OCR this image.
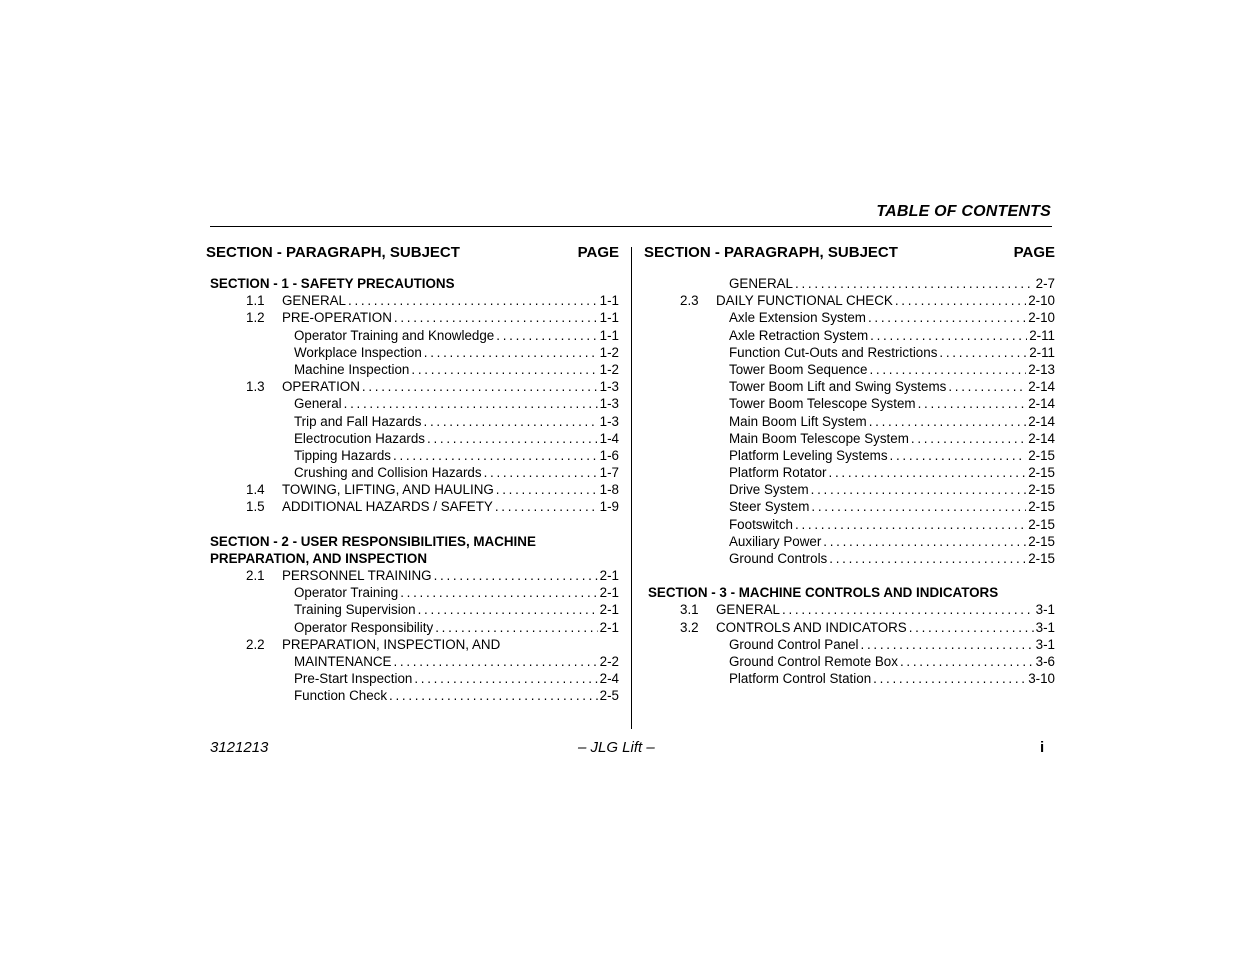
TABLE OF CONTENTS
SECTION - PARAGRAPH, SUBJECT	PAGE
SECTION - 1 - SAFETY PRECAUTIONS
1.1	GENERAL . . .	1-1
1.2	PRE-OPERATION . . .	1-1
Operator Training and Knowledge . . .	1-1
Workplace Inspection . . .	1-2
Machine Inspection . . .	1-2
1.3	OPERATION . . .	1-3
General . . .	1-3
Trip and Fall Hazards . . .	1-3
Electrocution Hazards . . .	1-4
Tipping Hazards . . .	1-6
Crushing and Collision Hazards . . .	1-7
1.4	TOWING, LIFTING, AND HAULING . . .	1-8
1.5	ADDITIONAL HAZARDS / SAFETY . . .	1-9
SECTION - 2 - USER RESPONSIBILITIES, MACHINE
PREPARATION, AND INSPECTION
2.1	PERSONNEL TRAINING . . .	2-1
Operator Training . . .	2-1
Training Supervision . . .	2-1
Operator Responsibility . . .	2-1
2.2	PREPARATION, INSPECTION, AND
MAINTENANCE . . .	2-2
Pre-Start Inspection . . .	2-4
Function Check . . .	2-5
SECTION - PARAGRAPH, SUBJECT	PAGE
GENERAL . . .	2-7
2.3	DAILY FUNCTIONAL CHECK . . .	2-10
Axle Extension System . . .	2-10
Axle Retraction System . . .	2-11
Function Cut-Outs and Restrictions . . .	2-11
Tower Boom Sequence . . .	2-13
Tower Boom Lift and Swing Systems . . .	2-14
Tower Boom Telescope System . . .	2-14
Main Boom Lift System . . .	2-14
Main Boom Telescope System . . .	2-14
Platform Leveling Systems . . .	2-15
Platform Rotator . . .	2-15
Drive System . . .	2-15
Steer System . . .	2-15
Footswitch . . .	2-15
Auxiliary Power . . .	2-15
Ground Controls . . .	2-15
SECTION - 3 - MACHINE CONTROLS AND INDICATORS
3.1	GENERAL . . .	3-1
3.2	CONTROLS AND INDICATORS . . .	3-1
Ground Control Panel . . .	3-1
Ground Control Remote Box . . .	3-6
Platform Control Station . . .	3-10
3121213	– JLG Lift –	i
